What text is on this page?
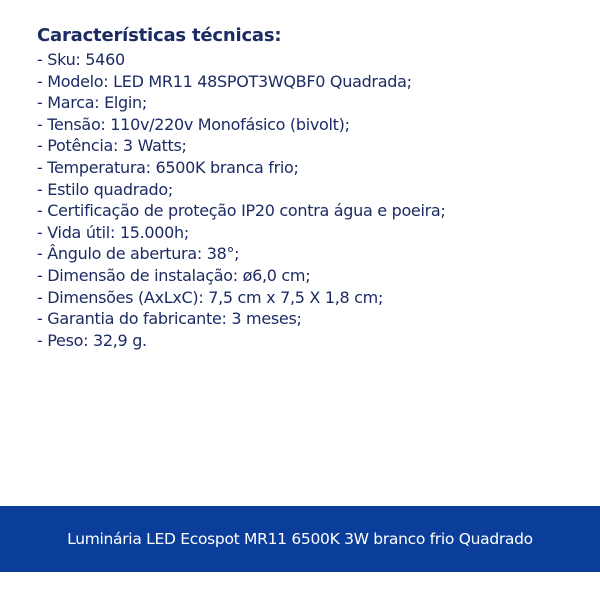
Características técnicas:
- Sku: 5460
- Modelo: LED MR11 48SPOT3WQBF0 Quadrada;
- Marca: Elgin;
- Tensão: 110v/220v Monofásico (bivolt);
- Potência: 3 Watts;
- Temperatura: 6500K branca frio;
- Estilo quadrado;
- Certificação de proteção IP20 contra água e poeira;
- Vida útil: 15.000h;
- Ângulo de abertura: 38°;
- Dimensão de instalação: ø6,0 cm;
- Dimensões (AxLxC): 7,5 cm x 7,5 X 1,8 cm;
- Garantia do fabricante: 3 meses;
- Peso: 32,9 g.
Luminária LED Ecospot MR11 6500K 3W branco frio Quadrado
